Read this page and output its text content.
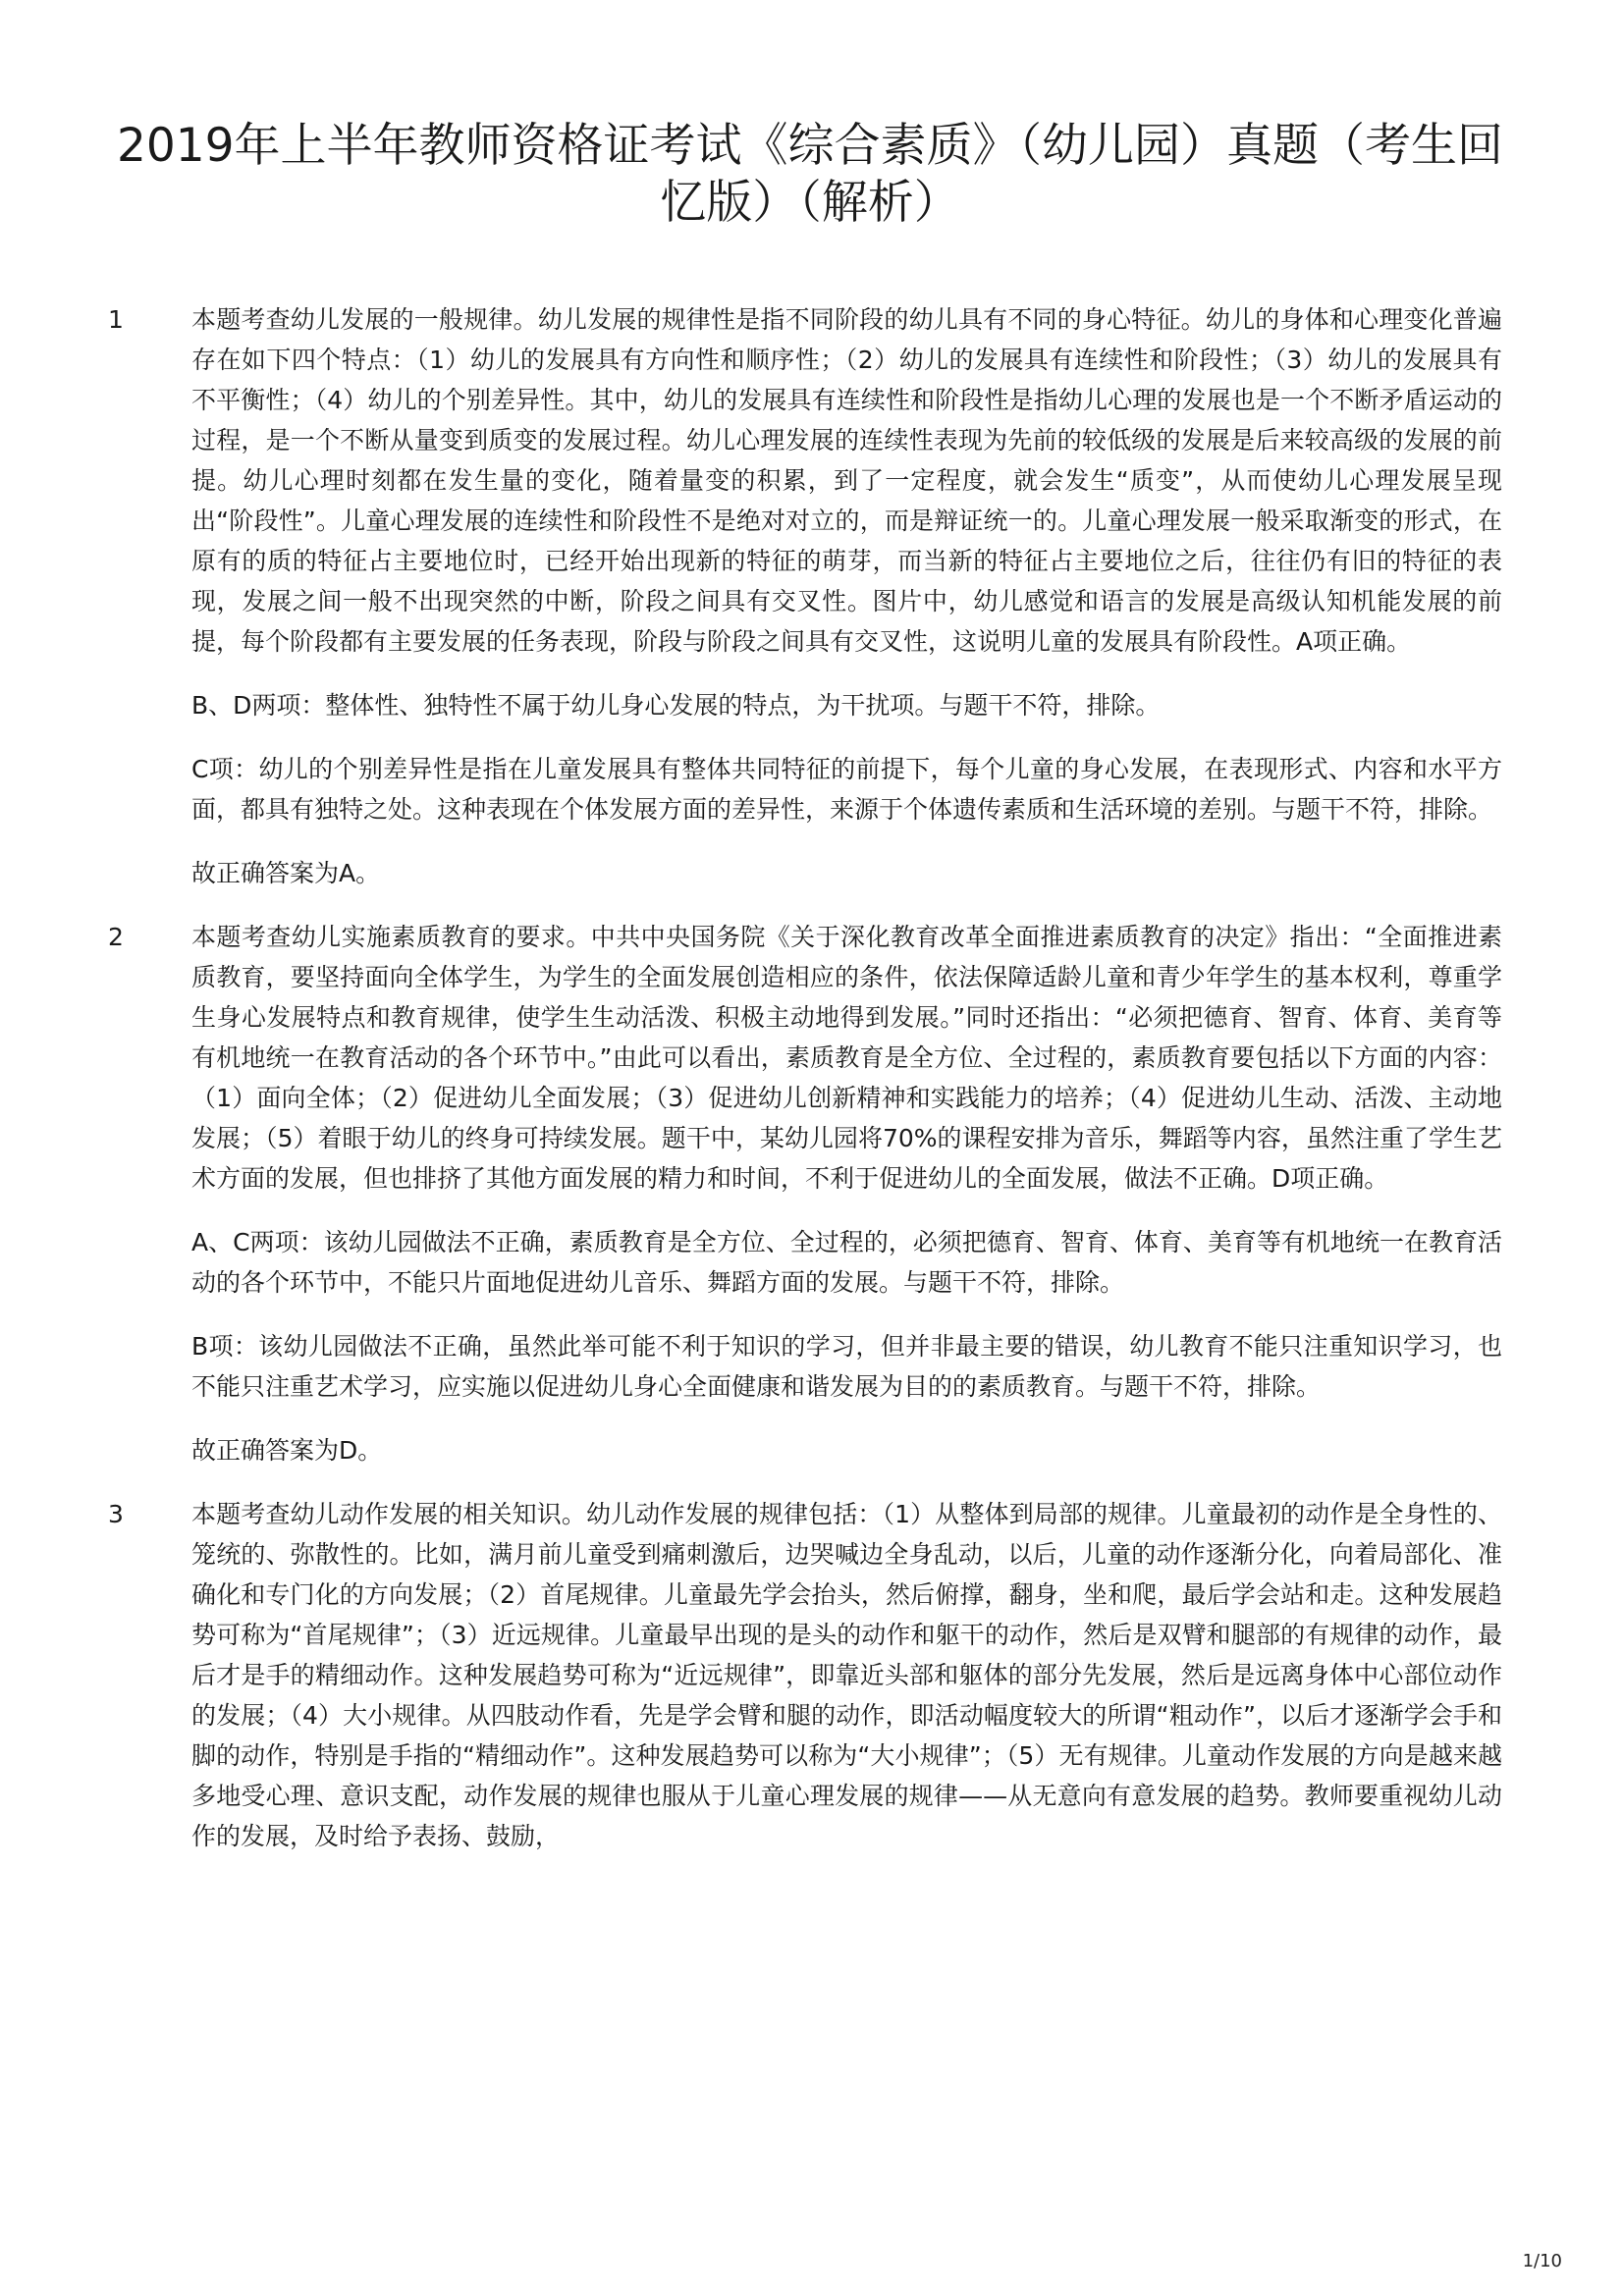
2019年上半年教师资格证考试《综合素质》（幼儿园）真题（考生回忆版）（解析）
1	本题考查幼儿发展的一般规律。幼儿发展的规律性是指不同阶段的幼儿具有不同的身心特征。幼儿的身体和心理变化普遍存在如下四个特点：（1）幼儿的发展具有方向性和顺序性；（2）幼儿的发展具有连续性和阶段性；（3）幼儿的发展具有不平衡性；（4）幼儿的个别差异性。其中，幼儿的发展具有连续性和阶段性是指幼儿心理的发展也是一个不断矛盾运动的过程，是一个不断从量变到质变的发展过程。幼儿心理发展的连续性表现为先前的较低级的发展是后来较高级的发展的前提。幼儿心理时刻都在发生量的变化，随着量变的积累，到了一定程度，就会发生“质变”，从而使幼儿心理发展呈现出“阶段性”。儿童心理发展的连续性和阶段性不是绝对对立的，而是辩证统一的。儿童心理发展一般采取渐变的形式，在原有的质的特征占主要地位时，已经开始出现新的特征的萌芽，而当新的特征占主要地位之后，往往仍有旧的特征的表现，发展之间一般不出现突然的中断，阶段之间具有交叉性。图片中，幼儿感觉和语言的发展是高级认知机能发展的前提，每个阶段都有主要发展的任务表现，阶段与阶段之间具有交叉性，这说明儿童的发展具有阶段性。A项正确。

B、D两项：整体性、独特性不属于幼儿身心发展的特点，为干扰项。与题干不符，排除。

C项：幼儿的个别差异性是指在儿童发展具有整体共同特征的前提下，每个儿童的身心发展，在表现形式、内容和水平方面，都具有独特之处。这种表现在个体发展方面的差异性，来源于个体遗传素质和生活环境的差别。与题干不符，排除。

故正确答案为A。

2	本题考查幼儿实施素质教育的要求。中共中央国务院《关于深化教育改革全面推进素质教育的决定》指出：“全面推进素质教育，要坚持面向全体学生，为学生的全面发展创造相应的条件，依法保障适龄儿童和青少年学生的基本权利，尊重学生身心发展特点和教育规律，使学生生动活泼、积极主动地得到发展。”同时还指出：“必须把德育、智育、体育、美育等有机地统一在教育活动的各个环节中。”由此可以看出，素质教育是全方位、全过程的，素质教育要包括以下方面的内容：（1）面向全体；（2）促进幼儿全面发展；（3）促进幼儿创新精神和实践能力的培养；（4）促进幼儿生动、活泼、主动地发展；（5）着眼于幼儿的终身可持续发展。题干中，某幼儿园将70%的课程安排为音乐，舞蹈等内容，虽然注重了学生艺术方面的发展，但也排挤了其他方面发展的精力和时间，不利于促进幼儿的全面发展，做法不正确。D项正确。

A、C两项：该幼儿园做法不正确，素质教育是全方位、全过程的，必须把德育、智育、体育、美育等有机地统一在教育活动的各个环节中，不能只片面地促进幼儿音乐、舞蹈方面的发展。与题干不符，排除。

B项：该幼儿园做法不正确，虽然此举可能不利于知识的学习，但并非最主要的错误，幼儿教育不能只注重知识学习，也不能只注重艺术学习，应实施以促进幼儿身心全面健康和谐发展为目的的素质教育。与题干不符，排除。

故正确答案为D。

3	本题考查幼儿动作发展的相关知识。幼儿动作发展的规律包括：（1）从整体到局部的规律。儿童最初的动作是全身性的、笼统的、弥散性的。比如，满月前儿童受到痛刺激后，边哭喊边全身乱动，以后，儿童的动作逐渐分化，向着局部化、准确化和专门化的方向发展；（2）首尾规律。儿童最先学会抬头，然后俯撑，翻身，坐和爬，最后学会站和走。这种发展趋势可称为“首尾规律”；（3）近远规律。儿童最早出现的是头的动作和躯干的动作，然后是双臂和腿部的有规律的动作，最后才是手的精细动作。这种发展趋势可称为“近远规律”，即靠近头部和躯体的部分先发展，然后是远离身体中心部位动作的发展；（4）大小规律。从四肢动作看，先是学会臂和腿的动作，即活动幅度较大的所谓“粗动作”，以后才逐渐学会手和脚的动作，特别是手指的“精细动作”。这种发展趋势可以称为“大小规律”；（5）无有规律。儿童动作发展的方向是越来越多地受心理、意识支配，动作发展的规律也服从于儿童心理发展的规律——从无意向有意发展的趋势。教师要重视幼儿动作的发展，及时给予表扬、鼓励，

1/10
